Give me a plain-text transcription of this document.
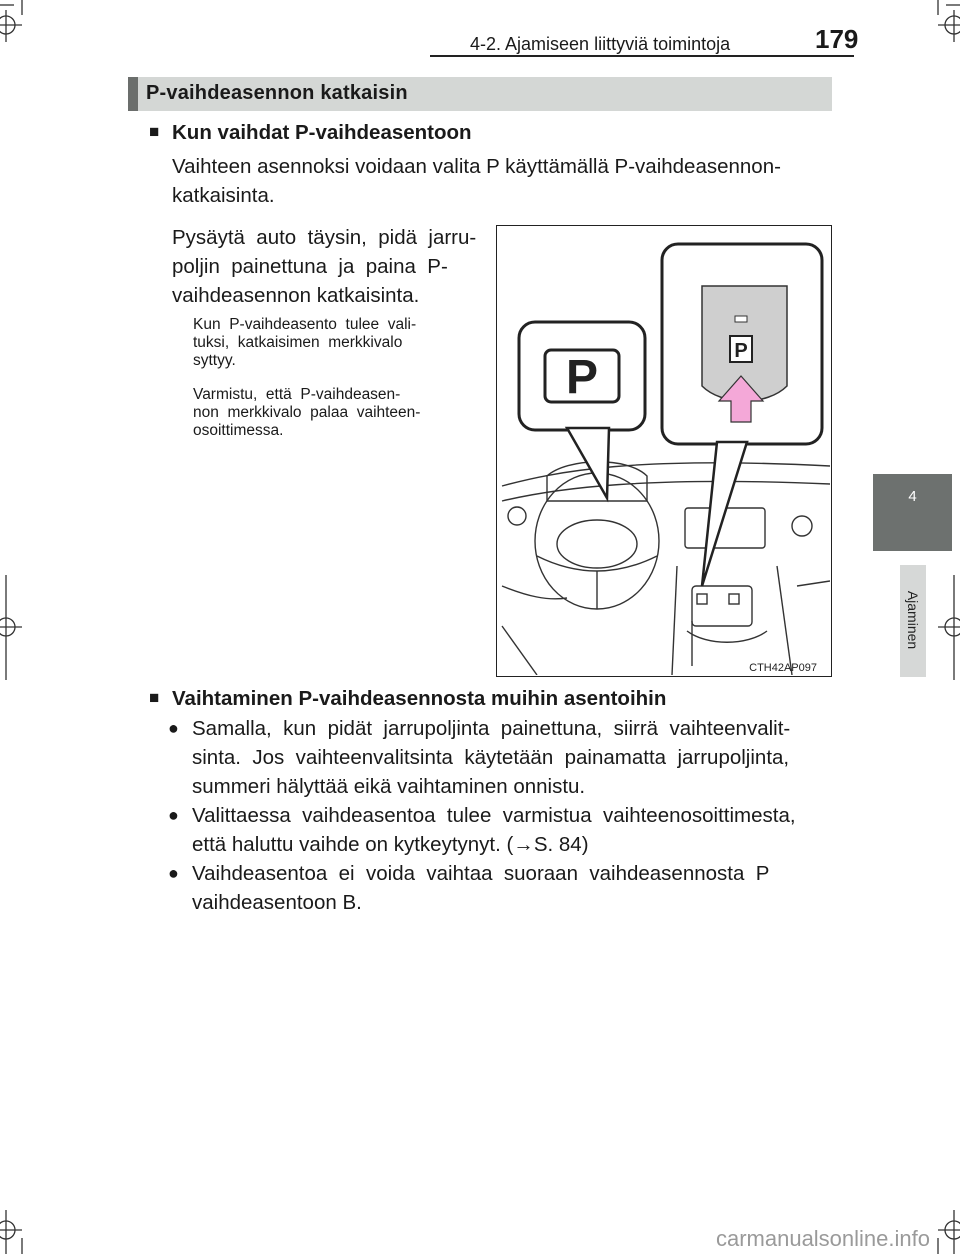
4-2. Ajamiseen liittyviä toimintoja	179
4
Ajaminen
P-vaihdeasennon katkaisin
■ Kun vaihdat P-vaihdeasentoon
Vaihteen asennoksi voidaan valita P käyttämällä P-vaihdeasennon-
katkaisinta.
Pysäytä  auto  täysin,  pidä  jarru-
poljin  painettuna  ja  paina  P-
vaihdeasennon katkaisinta.
Kun  P-vaihdeasento  tulee  vali-
tuksi,  katkaisimen  merkkivalo
syttyy.
Varmistu,  että  P-vaihdeasen-
non  merkkivalo  palaa  vaihteen-
osoittimessa.
P	P
CTH42AP097
■ Vaihtaminen P-vaihdeasennosta muihin asentoihin
● Samalla,  kun  pidät  jarrupoljinta  painettuna,  siirrä  vaihteenvalit-
sinta.  Jos  vaihteenvalitsinta  käytetään  painamatta  jarrupoljinta,
summeri hälyttää eikä vaihtaminen onnistu.
● Valittaessa  vaihdeasentoa  tulee  varmistua  vaihteenosoittimesta,
että haluttu vaihde on kytkeytynyt. (→S. 84)
● Vaihdeasentoa  ei  voida  vaihtaa  suoraan  vaihdeasennosta  P
vaihdeasentoon B.
carmanualsonline.info
